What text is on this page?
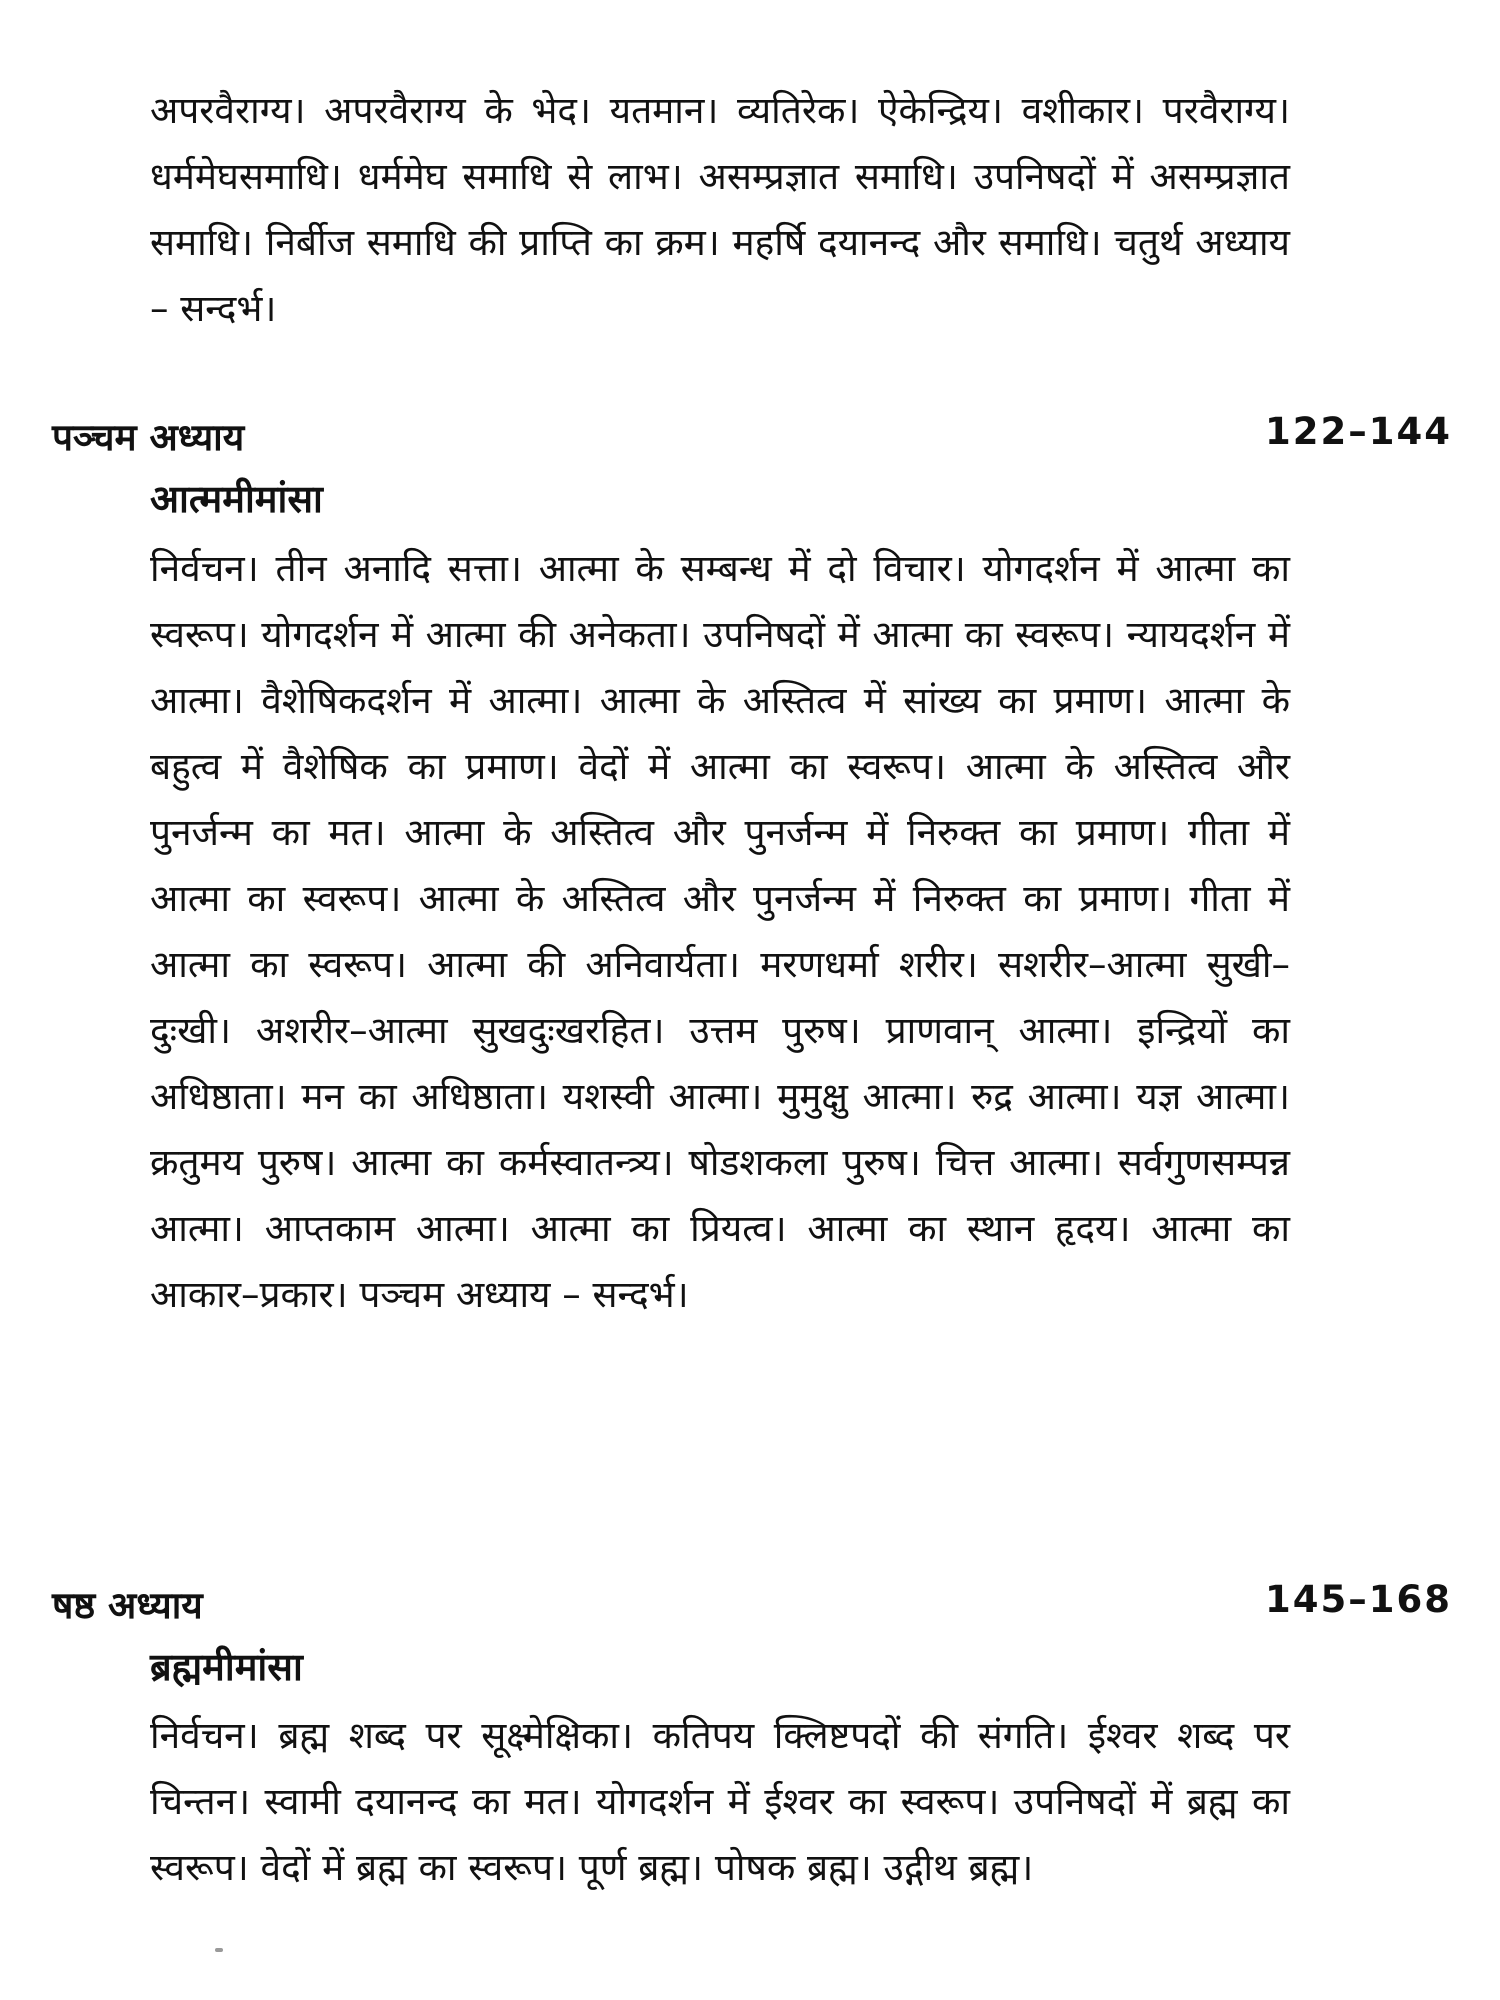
अपरवैराग्य। अपरवैराग्य के भेद। यतमान। व्यतिरेक। ऐकेन्द्रिय। वशीकार। परवैराग्य। धर्ममेघसमाधि। धर्ममेघ समाधि से लाभ। असम्प्रज्ञात समाधि। उपनिषदों में असम्प्रज्ञात समाधि। निर्बीज समाधि की प्राप्ति का क्रम। महर्षि दयानन्द और समाधि। चतुर्थ अध्याय – सन्दर्भ।

पञ्चम अध्याय	122–144
आत्ममीमांसा

निर्वचन। तीन अनादि सत्ता। आत्मा के सम्बन्ध में दो विचार। योगदर्शन में आत्मा का स्वरूप। योगदर्शन में आत्मा की अनेकता। उपनिषदों में आत्मा का स्वरूप। न्यायदर्शन में आत्मा। वैशेषिकदर्शन में आत्मा। आत्मा के अस्तित्व में सांख्य का प्रमाण। आत्मा के बहुत्व में वैशेषिक का प्रमाण। वेदों में आत्मा का स्वरूप। आत्मा के अस्तित्व और पुनर्जन्म का मत। आत्मा के अस्तित्व और पुनर्जन्म में निरुक्त का प्रमाण। गीता में आत्मा का स्वरूप। आत्मा के अस्तित्व और पुनर्जन्म में निरुक्त का प्रमाण। गीता में आत्मा का स्वरूप। आत्मा की अनिवार्यता। मरणधर्मा शरीर। सशरीर–आत्मा सुखी–दुःखी। अशरीर–आत्मा सुखदुःखरहित। उत्तम पुरुष। प्राणवान् आत्मा। इन्द्रियों का अधिष्ठाता। मन का अधिष्ठाता। यशस्वी आत्मा। मुमुक्षु आत्मा। रुद्र आत्मा। यज्ञ आत्मा। क्रतुमय पुरुष। आत्मा का कर्मस्वातन्त्र्य। षोडशकला पुरुष। चित्त आत्मा। सर्वगुणसम्पन्न आत्मा। आप्तकाम आत्मा। आत्मा का प्रियत्व। आत्मा का स्थान हृदय। आत्मा का आकार–प्रकार। पञ्चम अध्याय – सन्दर्भ।

षष्ठ अध्याय	145–168
ब्रह्ममीमांसा

निर्वचन। ब्रह्म शब्द पर सूक्ष्मेक्षिका। कतिपय क्लिष्टपदों की संगति। ईश्वर शब्द पर चिन्तन। स्वामी दयानन्द का मत। योगदर्शन में ईश्वर का स्वरूप। उपनिषदों में ब्रह्म का स्वरूप। वेदों में ब्रह्म का स्वरूप। पूर्ण ब्रह्म। पोषक ब्रह्म। उद्गीथ ब्रह्म।
